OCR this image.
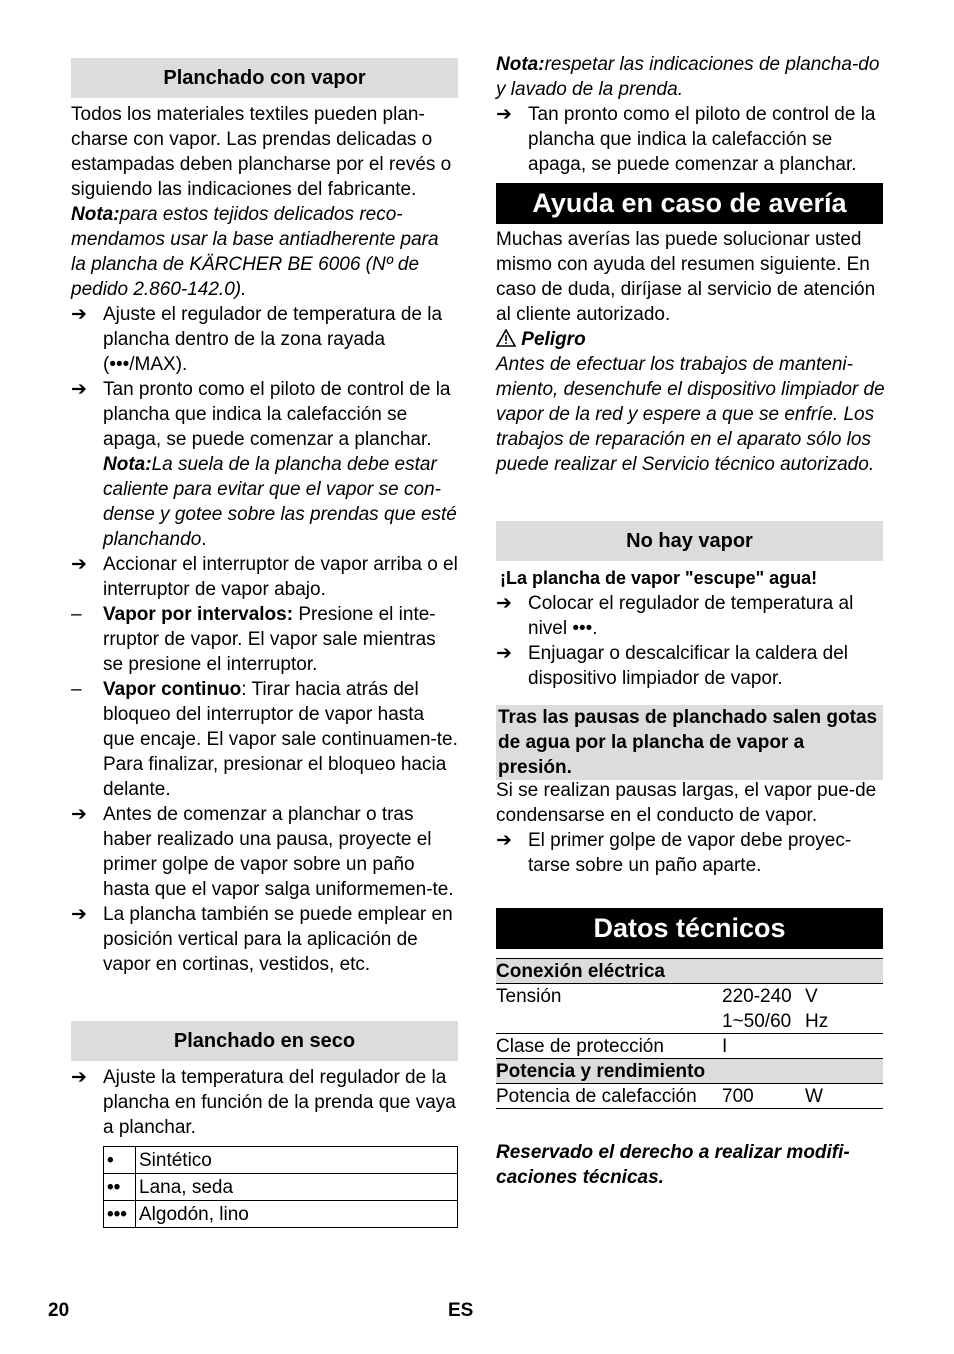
Planchado con vapor

Todos los materiales textiles pueden plan-charse con vapor. Las prendas delicadas o estampadas deben plancharse por el revés o siguiendo las indicaciones del fabricante.

Nota:para estos tejidos delicados reco-mendamos usar la base antiadherente para la plancha de KÄRCHER BE 6006 (Nº de pedido 2.860-142.0).

➔ Ajuste el regulador de temperatura de la plancha dentro de la zona rayada (•••/MAX).
➔ Tan pronto como el piloto de control de la plancha que indica la calefacción se apaga, se puede comenzar a planchar.
Nota:La suela de la plancha debe estar caliente para evitar que el vapor se con-dense y gotee sobre las prendas que esté planchando.
➔ Accionar el interruptor de vapor arriba o el interruptor de vapor abajo.
–	Vapor por intervalos: Presione el inte-rruptor de vapor. El vapor sale mientras se presione el interruptor.
–	Vapor continuo: Tirar hacia atrás del bloqueo del interruptor de vapor hasta que encaje. El vapor sale continuamen-te. Para finalizar, presionar el bloqueo hacia delante.
➔ Antes de comenzar a planchar o tras haber realizado una pausa, proyecte el primer golpe de vapor sobre un paño hasta que el vapor salga uniformemen-te.
➔ La plancha también se puede emplear en posición vertical para la aplicación de vapor en cortinas, vestidos, etc.
Planchado en seco
➔ Ajuste la temperatura del regulador de la plancha en función de la prenda que vaya a planchar.
•	Sintético
••	Lana, seda
•••	Algodón, lino

Nota:respetar las indicaciones de plancha-do y lavado de la prenda.

➔ Tan pronto como el piloto de control de la plancha que indica la calefacción se apaga, se puede comenzar a planchar.
Ayuda en caso de avería

Muchas averías las puede solucionar usted mismo con ayuda del resumen siguiente. En caso de duda, diríjase al servicio de atención al cliente autorizado.

Peligro

Antes de efectuar los trabajos de manteni-miento, desenchufe el dispositivo limpiador de vapor de la red y espere a que se enfríe. Los trabajos de reparación en el aparato sólo los puede realizar el Servicio técnico autorizado.

No hay vapor

¡La plancha de vapor "escupe" agua!

➔ Colocar el regulador de temperatura al nivel •••.
➔ Enjuagar o descalcificar la caldera del dispositivo limpiador de vapor.
Tras las pausas de planchado salen gotas de agua por la plancha de vapor a presión.

Si se realizan pausas largas, el vapor pue-de condensarse en el conducto de vapor.

➔ El primer golpe de vapor debe proyec-tarse sobre un paño aparte.
Datos técnicos
Conexión eléctrica
Tensión	220-240 V
1~50/60 Hz
Clase de protección	I
Potencia y rendimiento
Potencia de calefacción 700	W
Reservado el derecho a realizar modifi-caciones técnicas.
20	ES
